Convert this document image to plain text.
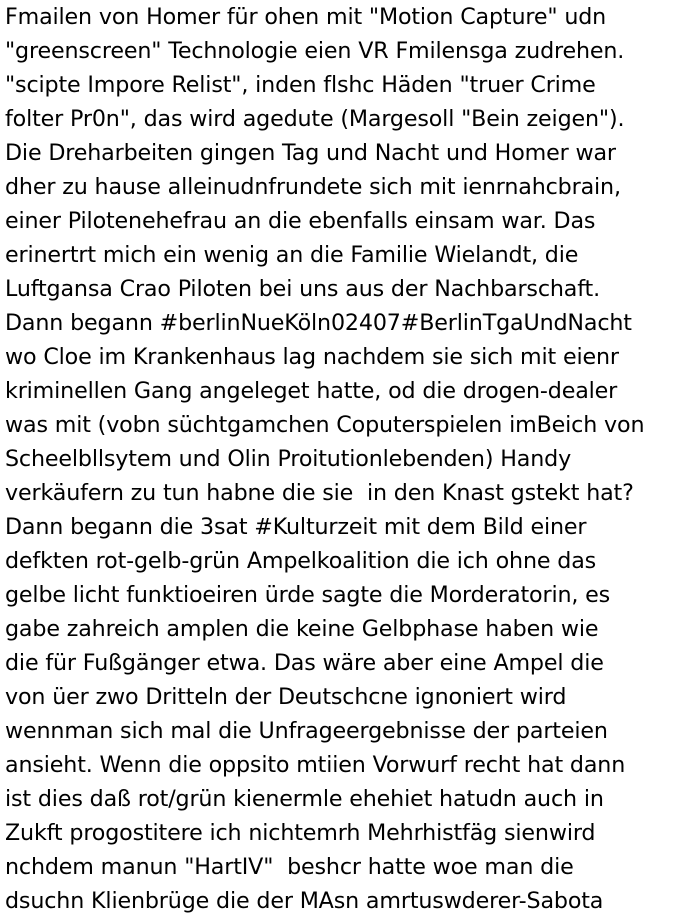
Fmailen von Homer für ohen mit "Motion Capture" udn
"greenscreen" Technologie eien VR Fmilensga zudrehen.
"scipte Impore Relist", inden flshc Häden "truer Crime
folter Pr0n", das wird agedute (Margesoll "Bein zeigen").
Die Dreharbeiten gingen Tag und Nacht und Homer war
dher zu hause alleinudnfrundete sich mit ienrnahcbrain,
einer Pilotenehefrau an die ebenfalls einsam war. Das
erinertrt mich ein wenig an die Familie Wielandt, die
Luftgansa Crao Piloten bei uns aus der Nachbarschaft.
Dann begann #berlinNueKöln02407#BerlinTgaUndNacht
wo Cloe im Krankenhaus lag nachdem sie sich mit eienr
kriminellen Gang angeleget hatte, od die drogen-dealer
was mit (vobn süchtgamchen Coputerspielen imBeich von
Scheelbllsytem und Olin Proitutionlebenden) Handy
verkäufern zu tun habne die sie  in den Knast gstekt hat?
Dann begann die 3sat #Kulturzeit mit dem Bild einer
defkten rot-gelb-grün Ampelkoalition die ich ohne das
gelbe licht funktioeiren ürde sagte die Morderatorin, es
gabe zahreich amplen die keine Gelbphase haben wie
die für Fußgänger etwa. Das wäre aber eine Ampel die
von üer zwo Dritteln der Deutschcne ignoniert wird
wennman sich mal die Unfrageergebnisse der parteien
ansieht. Wenn die oppsito mtiien Vorwurf recht hat dann
ist dies daß rot/grün kienermle ehehiet hatudn auch in
Zukft progostitere ich nichtemrh Mehrhistfäg sienwird
nchdem manun "HartIV"  beshcr hatte woe man die
dsuchn Klienbrüge die der MAsn amrtuswderer-Sabota
